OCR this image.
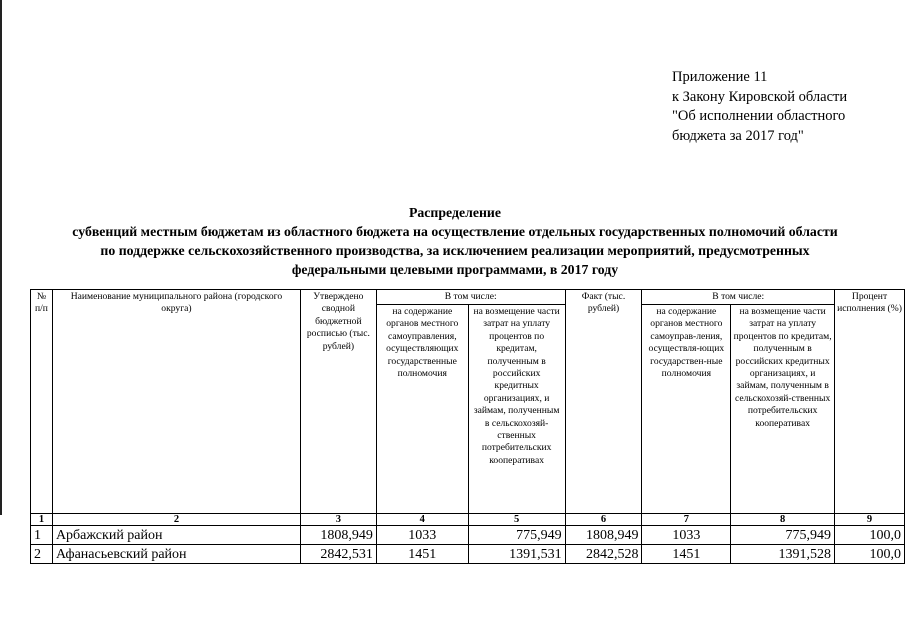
Приложение 11
к Закону Кировской области
"Об исполнении областного
бюджета за 2017 год"
Распределение
субвенций местным бюджетам из областного бюджета на осуществление отдельных государственных полномочий области
по поддержке сельскохозяйственного производства, за исключением реализации мероприятий, предусмотренных
федеральными целевыми программами, в 2017 году
№ п/п	Наименование муниципального района (городского округа)	Утверждено сводной бюджетной росписью (тыс. рублей)	В том числе:		Факт (тыс. рублей)	В том числе:		Процент исполнения (%)
			на содержание органов местного самоуправления, осуществляющих государственные полномочия	на возмещение части затрат на уплату процентов по кредитам, полученным в российских кредитных организациях, и займам, полученным в сельскохозяй-ственных потребительских кооперативах		на содержание органов местного самоуправ-ления, осуществля-ющих государствен-ные полномочия	на возмещение части затрат на уплату процентов по кредитам, полученным в российских кредитных организациях, и займам, полученным в сельскохозяй-ственных потребительских кооперативах	
1	2	3	4	5	6	7	8	9
1	Арбажский район	1808,949	1033	775,949	1808,949	1033	775,949	100,0
2	Афанасьевский район	2842,531	1451	1391,531	2842,528	1451	1391,528	100,0
